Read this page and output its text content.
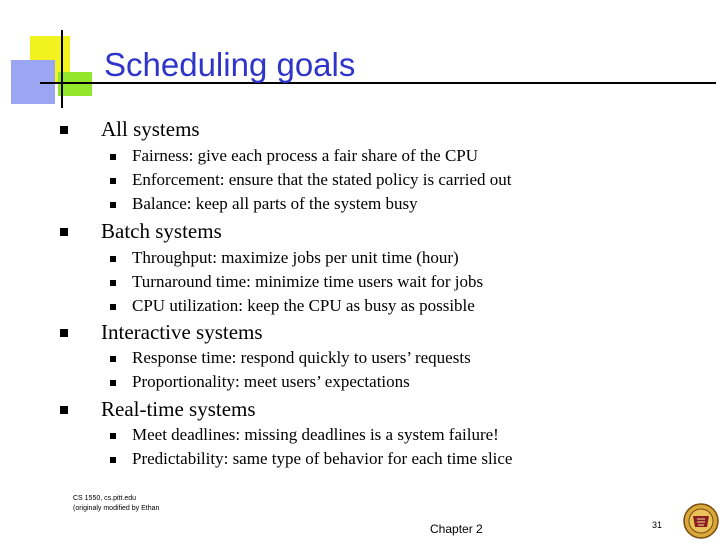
Scheduling goals
All systems
Fairness: give each process a fair share of the CPU
Enforcement: ensure that the stated policy is carried out
Balance: keep all parts of the system busy
Batch systems
Throughput: maximize jobs per unit time (hour)
Turnaround time: minimize time users wait for jobs
CPU utilization: keep the CPU as busy as possible
Interactive systems
Response time: respond quickly to users’ requests
Proportionality: meet users’ expectations
Real-time systems
Meet deadlines: missing deadlines is a system failure!
Predictability: same type of behavior for each time slice
CS 1550, cs.pitt.edu
(originaly modified by Ethan
Chapter 2	31
